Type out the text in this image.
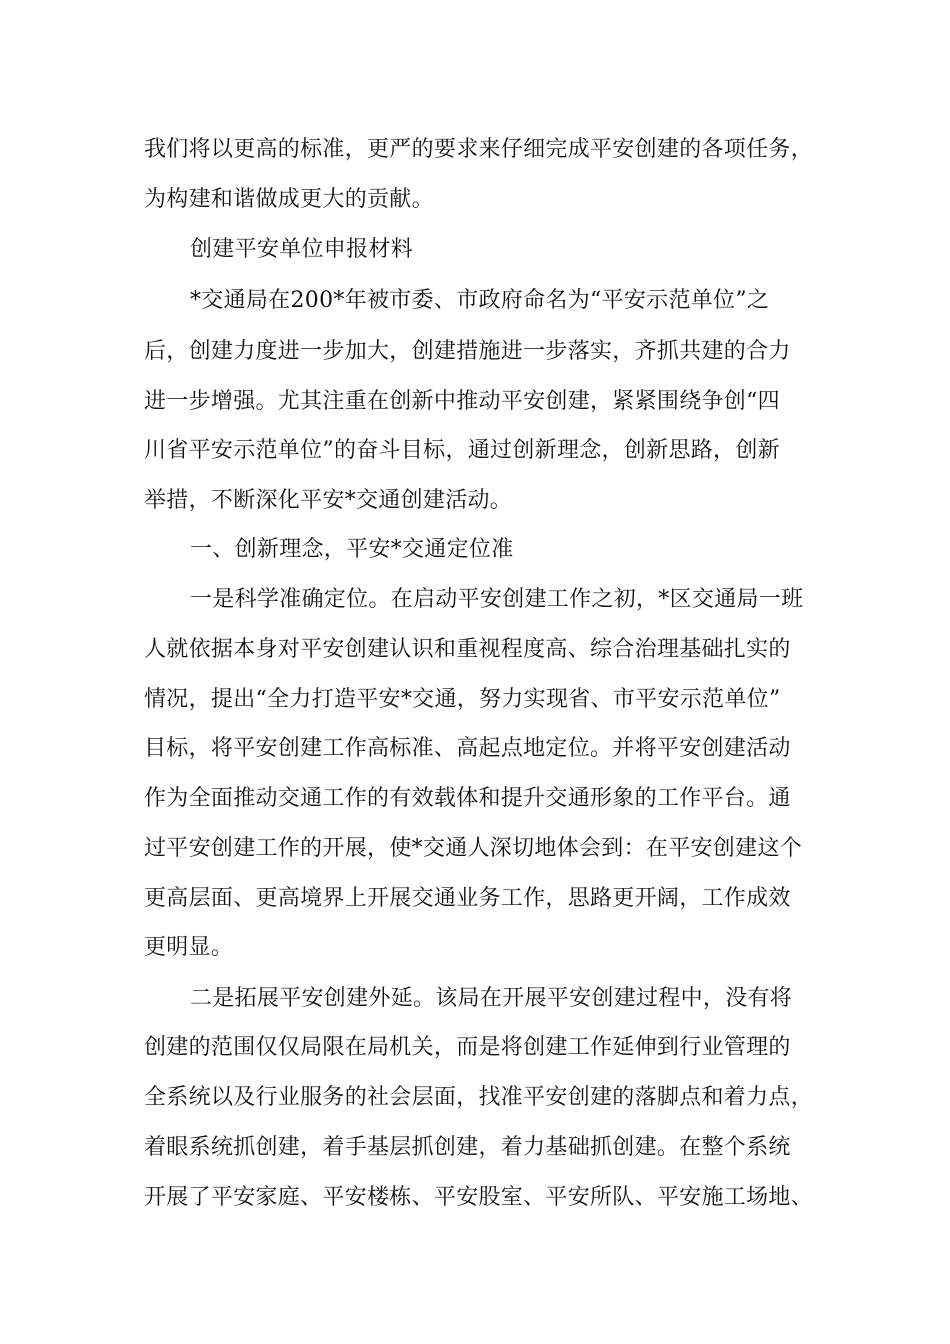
我们将以更高的标准，更严的要求来仔细完成平安创建的各项任务，
为构建和谐做成更大的贡献。
创建平安单位申报材料
*交通局在200*年被市委、市政府命名为“平安示范单位”之
后，创建力度进一步加大，创建措施进一步落实，齐抓共建的合力
进一步增强。尤其注重在创新中推动平安创建，紧紧围绕争创“四
川省平安示范单位”的奋斗目标，通过创新理念，创新思路，创新
举措，不断深化平安*交通创建活动。
一、创新理念，平安*交通定位准
一是科学准确定位。在启动平安创建工作之初，*区交通局一班
人就依据本身对平安创建认识和重视程度高、综合治理基础扎实的
情况，提出“全力打造平安*交通，努力实现省、市平安示范单位”
目标，将平安创建工作高标准、高起点地定位。并将平安创建活动
作为全面推动交通工作的有效载体和提升交通形象的工作平台。通
过平安创建工作的开展，使*交通人深切地体会到：在平安创建这个
更高层面、更高境界上开展交通业务工作，思路更开阔，工作成效
更明显。
二是拓展平安创建外延。该局在开展平安创建过程中，没有将
创建的范围仅仅局限在局机关，而是将创建工作延伸到行业管理的
全系统以及行业服务的社会层面，找准平安创建的落脚点和着力点，
着眼系统抓创建，着手基层抓创建，着力基础抓创建。在整个系统
开展了平安家庭、平安楼栋、平安股室、平安所队、平安施工场地、
